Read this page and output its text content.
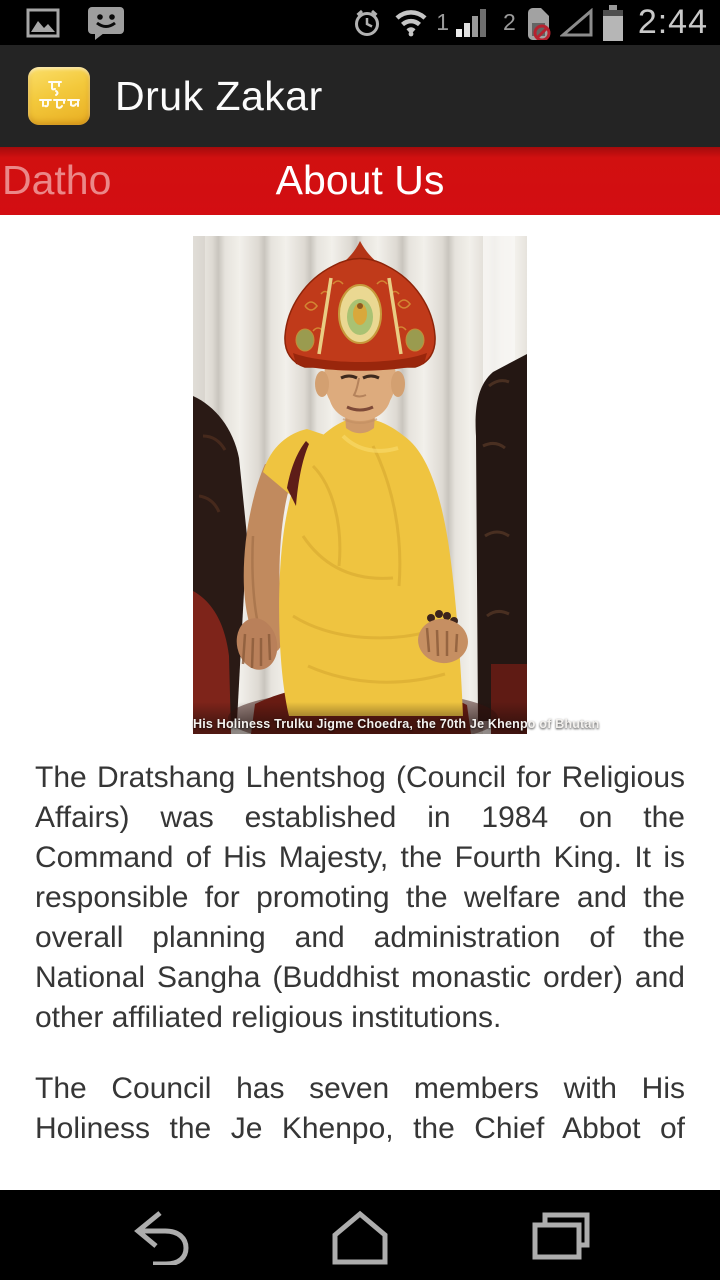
1 2	2:44
Druk Zakar
Datho	About Us
His Holiness Trulku Jigme Choedra, the 70th Je Khenpo of Bhutan

The Dratshang Lhentshog (Council for Religious Affairs) was established in 1984 on the Command of His Majesty, the Fourth King. It is responsible for promoting the welfare and the overall planning and administration of the National Sangha (Buddhist monastic order) and other affiliated religious institutions.

The Council has seven members with His Holiness the Je Khenpo, the Chief Abbot of
